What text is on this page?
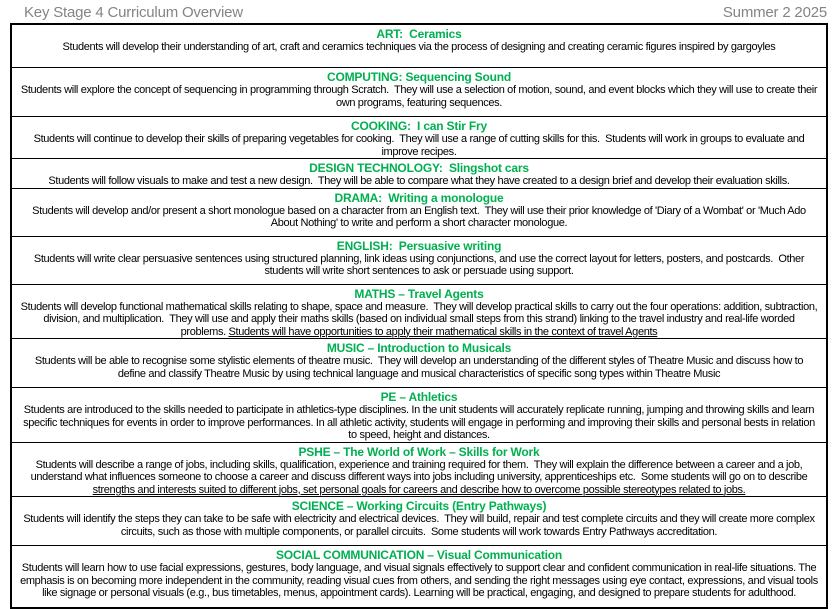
Key Stage 4 Curriculum Overview	Summer 2 2025
ART:  Ceramics

Students will develop their understanding of art, craft and ceramics techniques via the process of designing and creating ceramic figures inspired by gargoyles

COMPUTING: Sequencing Sound

Students will explore the concept of sequencing in programming through Scratch.  They will use a selection of motion, sound, and event blocks which they will use to create their own programs, featuring sequences.

COOKING:  I can Stir Fry

Students will continue to develop their skills of preparing vegetables for cooking.  They will use a range of cutting skills for this.  Students will work in groups to evaluate and improve recipes.

DESIGN TECHNOLOGY:  Slingshot cars

Students will follow visuals to make and test a new design.  They will be able to compare what they have created to a design brief and develop their evaluation skills.

DRAMA:  Writing a monologue

Students will develop and/or present a short monologue based on a character from an English text.  They will use their prior knowledge of 'Diary of a Wombat' or 'Much Ado About Nothing' to write and perform a short character monologue.

ENGLISH:  Persuasive writing

Students will write clear persuasive sentences using structured planning, link ideas using conjunctions, and use the correct layout for letters, posters, and postcards.  Other students will write short sentences to ask or persuade using support.

MATHS – Travel Agents

Students will develop functional mathematical skills relating to shape, space and measure.  They will develop practical skills to carry out the four operations: addition, subtraction, division, and multiplication.  They will use and apply their maths skills (based on individual small steps from this strand) linking to the travel industry and real-life worded problems. Students will have opportunities to apply their mathematical skills in the context of travel Agents

MUSIC – Introduction to Musicals

Students will be able to recognise some stylistic elements of theatre music.  They will develop an understanding of the different styles of Theatre Music and discuss how to define and classify Theatre Music by using technical language and musical characteristics of specific song types within Theatre Music

PE – Athletics

Students are introduced to the skills needed to participate in athletics-type disciplines. In the unit students will accurately replicate running, jumping and throwing skills and learn specific techniques for events in order to improve performances. In all athletic activity, students will engage in performing and improving their skills and personal bests in relation to speed, height and distances.

PSHE – The World of Work – Skills for Work

Students will describe a range of jobs, including skills, qualification, experience and training required for them.  They will explain the difference between a career and a job, understand what influences someone to choose a career and discuss different ways into jobs including university, apprenticeships etc.  Some students will go on to describe strengths and interests suited to different jobs, set personal goals for careers and describe how to overcome possible stereotypes related to jobs.

SCIENCE – Working Circuits (Entry Pathways)

Students will identify the steps they can take to be safe with electricity and electrical devices.  They will build, repair and test complete circuits and they will create more complex circuits, such as those with multiple components, or parallel circuits.  Some students will work towards Entry Pathways accreditation.

SOCIAL COMMUNICATION – Visual Communication

Students will learn how to use facial expressions, gestures, body language, and visual signals effectively to support clear and confident communication in real-life situations. The emphasis is on becoming more independent in the community, reading visual cues from others, and sending the right messages using eye contact, expressions, and visual tools like signage or personal visuals (e.g., bus timetables, menus, appointment cards). Learning will be practical, engaging, and designed to prepare students for adulthood.
